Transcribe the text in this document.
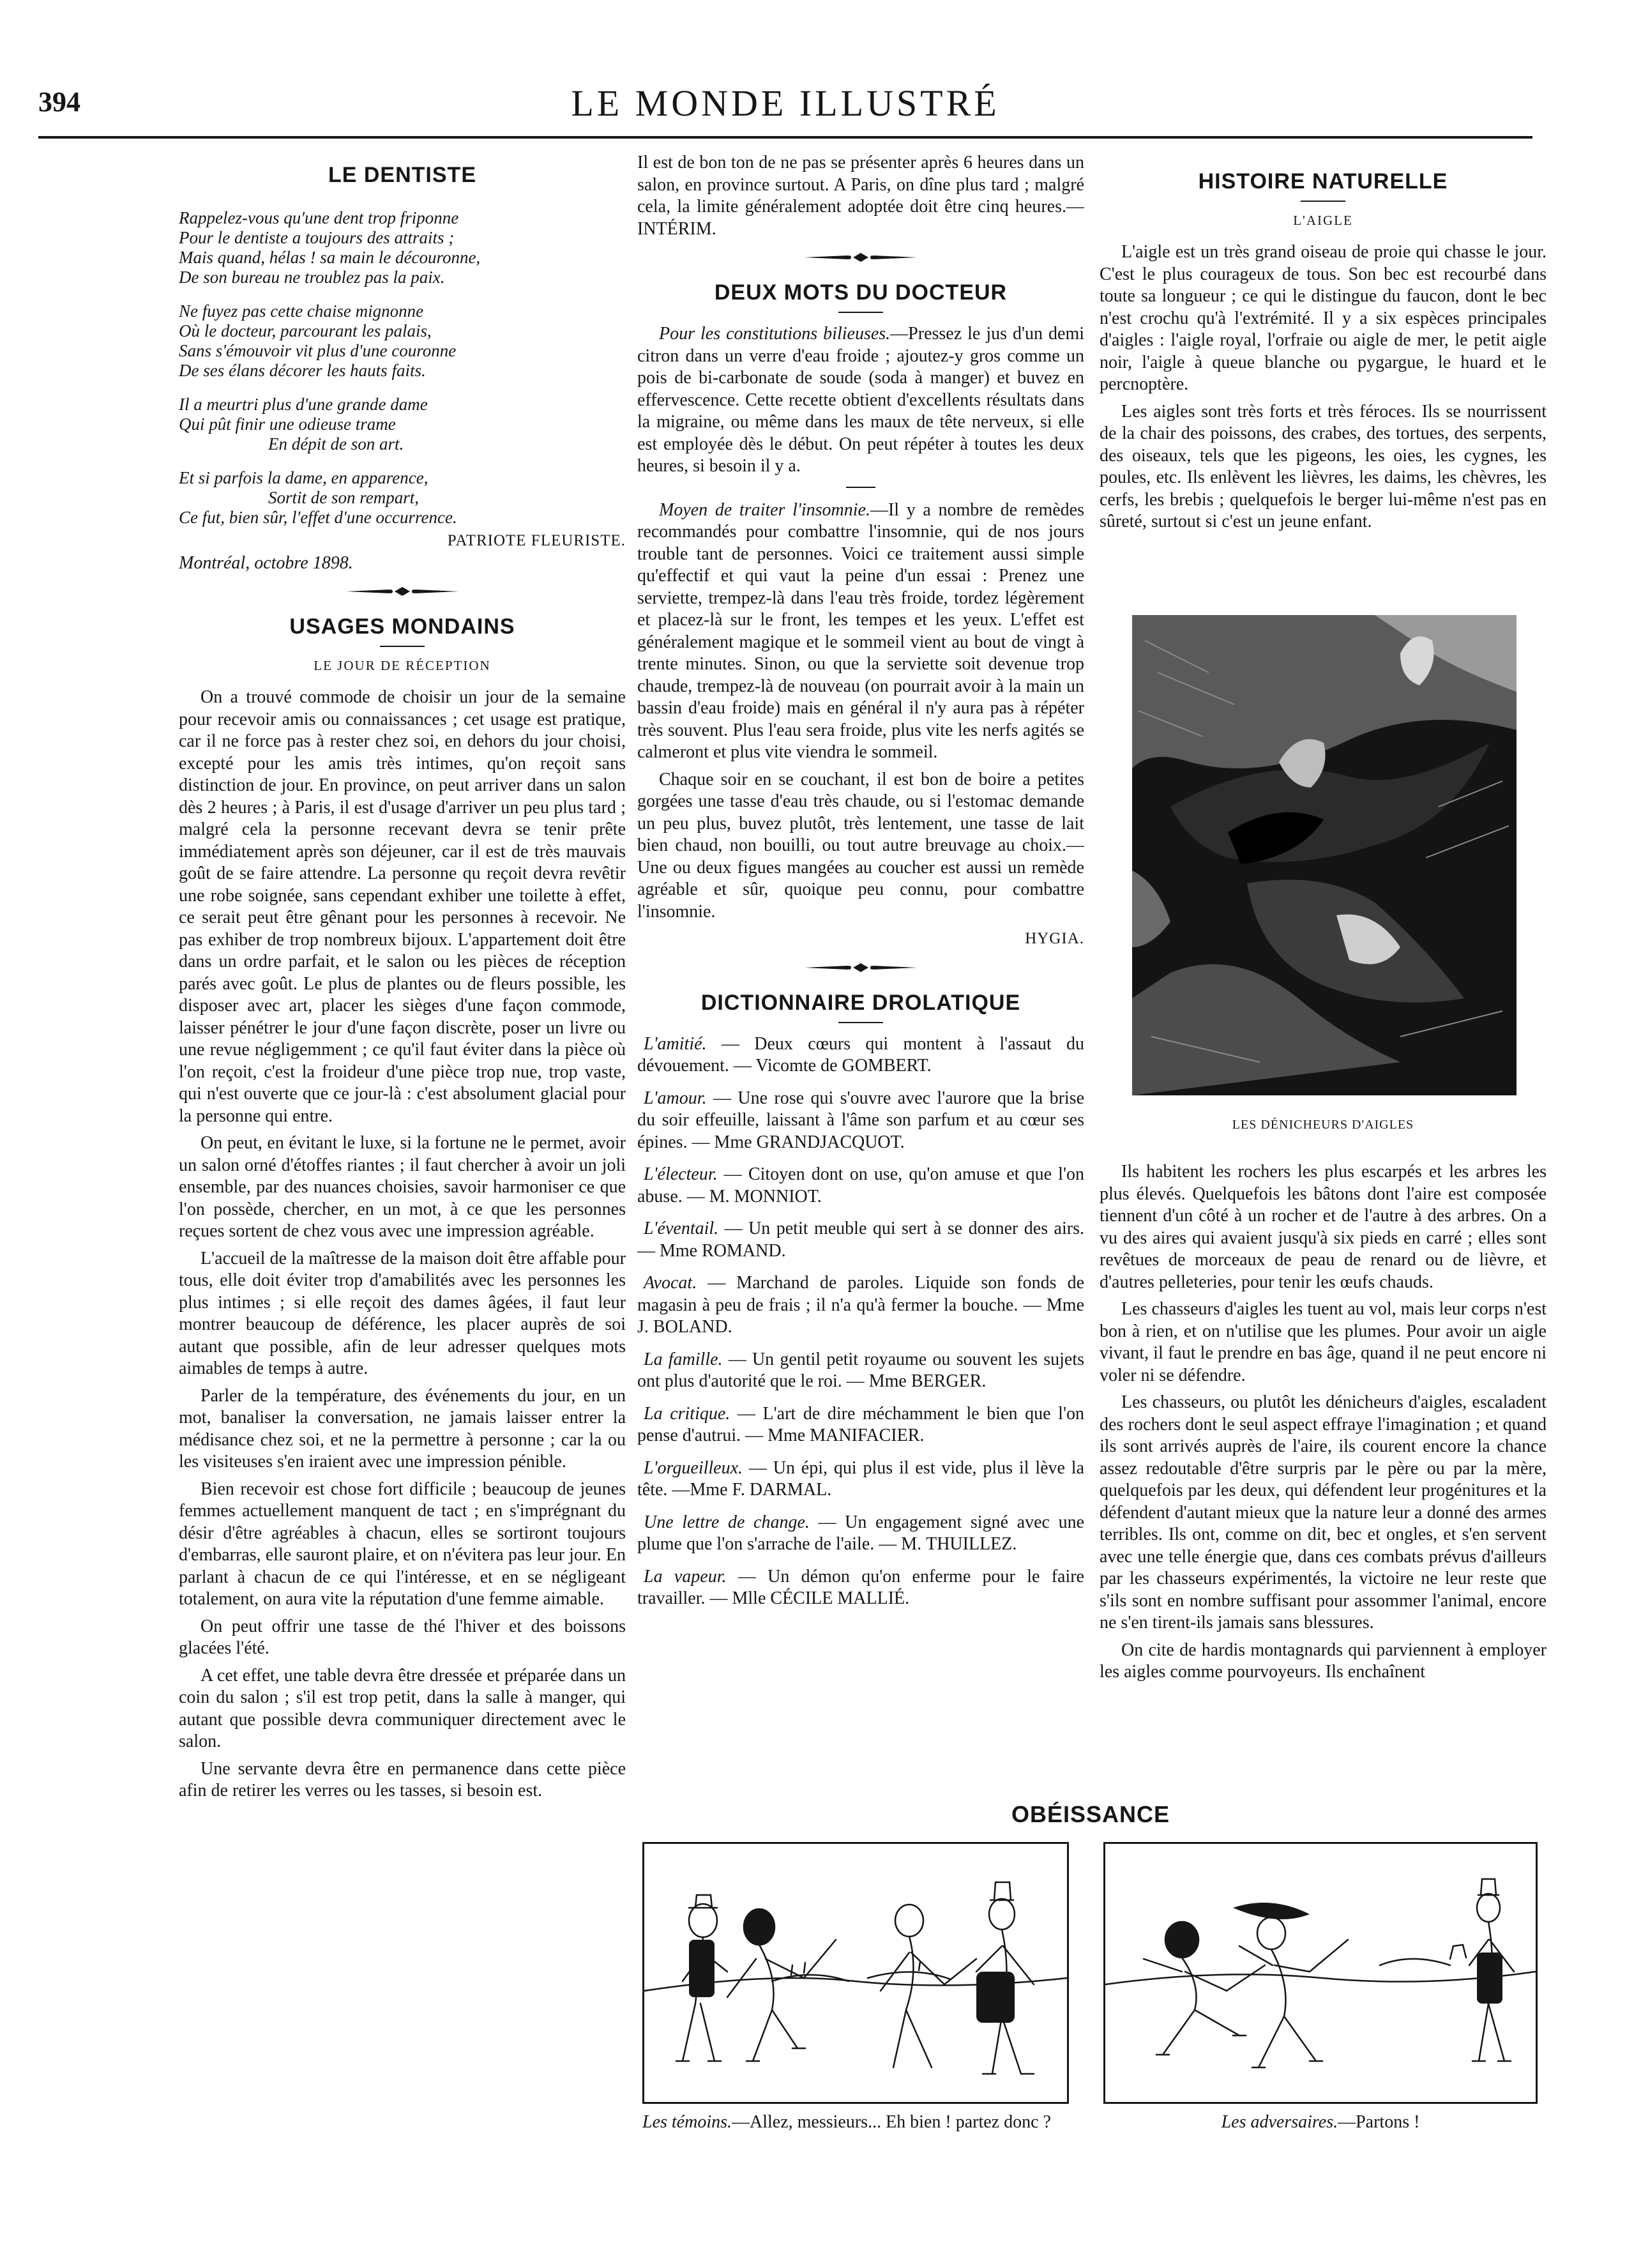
394	LE MONDE ILLUSTRÉ
LE DENTISTE

Rappelez-vous qu'une dent trop friponne

Pour le dentiste a toujours des attraits ;

Mais quand, hélas ! sa main le découronne,

De son bureau ne troublez pas la paix.

Ne fuyez pas cette chaise mignonne

Où le docteur, parcourant les palais,

Sans s'émouvoir vit plus d'une couronne

De ses élans décorer les hauts faits.

Il a meurtri plus d'une grande dame

Qui pût finir une odieuse trame

En dépit de son art.

Et si parfois la dame, en apparence,

Sortit de son rempart,

Ce fut, bien sûr, l'effet d'une occurrence.

PATRIOTE FLEURISTE.

Montréal, octobre 1898.

USAGES MONDAINS
LE JOUR DE RÉCEPTION

On a trouvé commode de choisir un jour de la semaine pour recevoir amis ou connaissances ; cet usage est pratique, car il ne force pas à rester chez soi, en dehors du jour choisi, excepté pour les amis très intimes, qu'on reçoit sans distinction de jour. En province, on peut arriver dans un salon dès 2 heures ; à Paris, il est d'usage d'arriver un peu plus tard ; malgré cela la personne recevant devra se tenir prête immédiatement après son déjeuner, car il est de très mauvais goût de se faire attendre. La personne qu reçoit devra revêtir une robe soignée, sans cependant exhiber une toilette à effet, ce serait peut être gênant pour les personnes à recevoir. Ne pas exhiber de trop nombreux bijoux. L'appartement doit être dans un ordre parfait, et le salon ou les pièces de réception parés avec goût. Le plus de plantes ou de fleurs possible, les disposer avec art, placer les sièges d'une façon commode, laisser pénétrer le jour d'une façon discrète, poser un livre ou une revue négligemment ; ce qu'il faut éviter dans la pièce où l'on reçoit, c'est la froideur d'une pièce trop nue, trop vaste, qui n'est ouverte que ce jour-là : c'est absolument glacial pour la personne qui entre.

On peut, en évitant le luxe, si la fortune ne le permet, avoir un salon orné d'étoffes riantes ; il faut chercher à avoir un joli ensemble, par des nuances choisies, savoir harmoniser ce que l'on possède, chercher, en un mot, à ce que les personnes reçues sortent de chez vous avec une impression agréable.

L'accueil de la maîtresse de la maison doit être affable pour tous, elle doit éviter trop d'amabilités avec les personnes les plus intimes ; si elle reçoit des dames âgées, il faut leur montrer beaucoup de déférence, les placer auprès de soi autant que possible, afin de leur adresser quelques mots aimables de temps à autre.

Parler de la température, des événements du jour, en un mot, banaliser la conversation, ne jamais laisser entrer la médisance chez soi, et ne la permettre à personne ; car la ou les visiteuses s'en iraient avec une impression pénible.

Bien recevoir est chose fort difficile ; beaucoup de jeunes femmes actuellement manquent de tact ; en s'imprégnant du désir d'être agréables à chacun, elles se sortiront toujours d'embarras, elle sauront plaire, et on n'évitera pas leur jour. En parlant à chacun de ce qui l'intéresse, et en se négligeant totalement, on aura vite la réputation d'une femme aimable.

On peut offrir une tasse de thé l'hiver et des boissons glacées l'été.

A cet effet, une table devra être dressée et préparée dans un coin du salon ; s'il est trop petit, dans la salle à manger, qui autant que possible devra communiquer directement avec le salon.

Une servante devra être en permanence dans cette pièce afin de retirer les verres ou les tasses, si besoin est.

Il est de bon ton de ne pas se présenter après 6 heures dans un salon, en province surtout. A Paris, on dîne plus tard ; malgré cela, la limite généralement adoptée doit être cinq heures.—INTÉRIM.

DEUX MOTS DU DOCTEUR

Pour les constitutions bilieuses.—Pressez le jus d'un demi citron dans un verre d'eau froide ; ajoutez-y gros comme un pois de bi-carbonate de soude (soda à manger) et buvez en effervescence. Cette recette obtient d'excellents résultats dans la migraine, ou même dans les maux de tête nerveux, si elle est employée dès le début. On peut répéter à toutes les deux heures, si besoin il y a.

Moyen de traiter l'insomnie.—Il y a nombre de remèdes recommandés pour combattre l'insomnie, qui de nos jours trouble tant de personnes. Voici ce traitement aussi simple qu'effectif et qui vaut la peine d'un essai : Prenez une serviette, trempez-là dans l'eau très froide, tordez légèrement et placez-là sur le front, les tempes et les yeux. L'effet est généralement magique et le sommeil vient au bout de vingt à trente minutes. Sinon, ou que la serviette soit devenue trop chaude, trempez-là de nouveau (on pourrait avoir à la main un bassin d'eau froide) mais en général il n'y aura pas à répéter très souvent. Plus l'eau sera froide, plus vite les nerfs agités se calmeront et plus vite viendra le sommeil.

Chaque soir en se couchant, il est bon de boire a petites gorgées une tasse d'eau très chaude, ou si l'estomac demande un peu plus, buvez plutôt, très lentement, une tasse de lait bien chaud, non bouilli, ou tout autre breuvage au choix.—Une ou deux figues mangées au coucher est aussi un remède agréable et sûr, quoique peu connu, pour combattre l'insomnie.

HYGIA.

DICTIONNAIRE DROLATIQUE

L'amitié. — Deux cœurs qui montent à l'assaut du dévouement. — Vicomte de GOMBERT.

L'amour. — Une rose qui s'ouvre avec l'aurore que la brise du soir effeuille, laissant à l'âme son parfum et au cœur ses épines. — Mme GRANDJACQUOT.

L'électeur. — Citoyen dont on use, qu'on amuse et que l'on abuse. — M. MONNIOT.

L'éventail. — Un petit meuble qui sert à se donner des airs. — Mme ROMAND.

Avocat. — Marchand de paroles. Liquide son fonds de magasin à peu de frais ; il n'a qu'à fermer la bouche. — Mme J. BOLAND.

La famille. — Un gentil petit royaume ou souvent les sujets ont plus d'autorité que le roi. — Mme BERGER.

La critique. — L'art de dire méchamment le bien que l'on pense d'autrui. — Mme MANIFACIER.

L'orgueilleux. — Un épi, qui plus il est vide, plus il lève la tête. —Mme F. DARMAL.

Une lettre de change. — Un engagement signé avec une plume que l'on s'arrache de l'aile. — M. THUILLEZ.

La vapeur. — Un démon qu'on enferme pour le faire travailler. — Mlle CÉCILE MALLIÉ.

HISTOIRE NATURELLE
L'AIGLE

L'aigle est un très grand oiseau de proie qui chasse le jour. C'est le plus courageux de tous. Son bec est recourbé dans toute sa longueur ; ce qui le distingue du faucon, dont le bec n'est crochu qu'à l'extrémité. Il y a six espèces principales d'aigles : l'aigle royal, l'orfraie ou aigle de mer, le petit aigle noir, l'aigle à queue blanche ou pygargue, le huard et le percnoptère.

Les aigles sont très forts et très féroces. Ils se nourrissent de la chair des poissons, des crabes, des tortues, des serpents, des oiseaux, tels que les pigeons, les oies, les cygnes, les poules, etc. Ils enlèvent les lièvres, les daims, les chèvres, les cerfs, les brebis ; quelquefois le berger lui-même n'est pas en sûreté, surtout si c'est un jeune enfant.

LES DÉNICHEURS D'AIGLES

Ils habitent les rochers les plus escarpés et les arbres les plus élevés. Quelquefois les bâtons dont l'aire est composée tiennent d'un côté à un rocher et de l'autre à des arbres. On a vu des aires qui avaient jusqu'à six pieds en carré ; elles sont revêtues de morceaux de peau de renard ou de lièvre, et d'autres pelleteries, pour tenir les œufs chauds.

Les chasseurs d'aigles les tuent au vol, mais leur corps n'est bon à rien, et on n'utilise que les plumes. Pour avoir un aigle vivant, il faut le prendre en bas âge, quand il ne peut encore ni voler ni se défendre.

Les chasseurs, ou plutôt les dénicheurs d'aigles, escaladent des rochers dont le seul aspect effraye l'imagination ; et quand ils sont arrivés auprès de l'aire, ils courent encore la chance assez redoutable d'être surpris par le père ou par la mère, quelquefois par les deux, qui défendent leur progénitures et la défendent d'autant mieux que la nature leur a donné des armes terribles. Ils ont, comme on dit, bec et ongles, et s'en servent avec une telle énergie que, dans ces combats prévus d'ailleurs par les chasseurs expérimentés, la victoire ne leur reste que s'ils sont en nombre suffisant pour assommer l'animal, encore ne s'en tirent-ils jamais sans blessures.

On cite de hardis montagnards qui parviennent à employer les aigles comme pourvoyeurs. Ils enchaînent

OBÉISSANCE

Les témoins.—Allez, messieurs... Eh bien ! partez donc ?	Les adversaires.—Partons !
